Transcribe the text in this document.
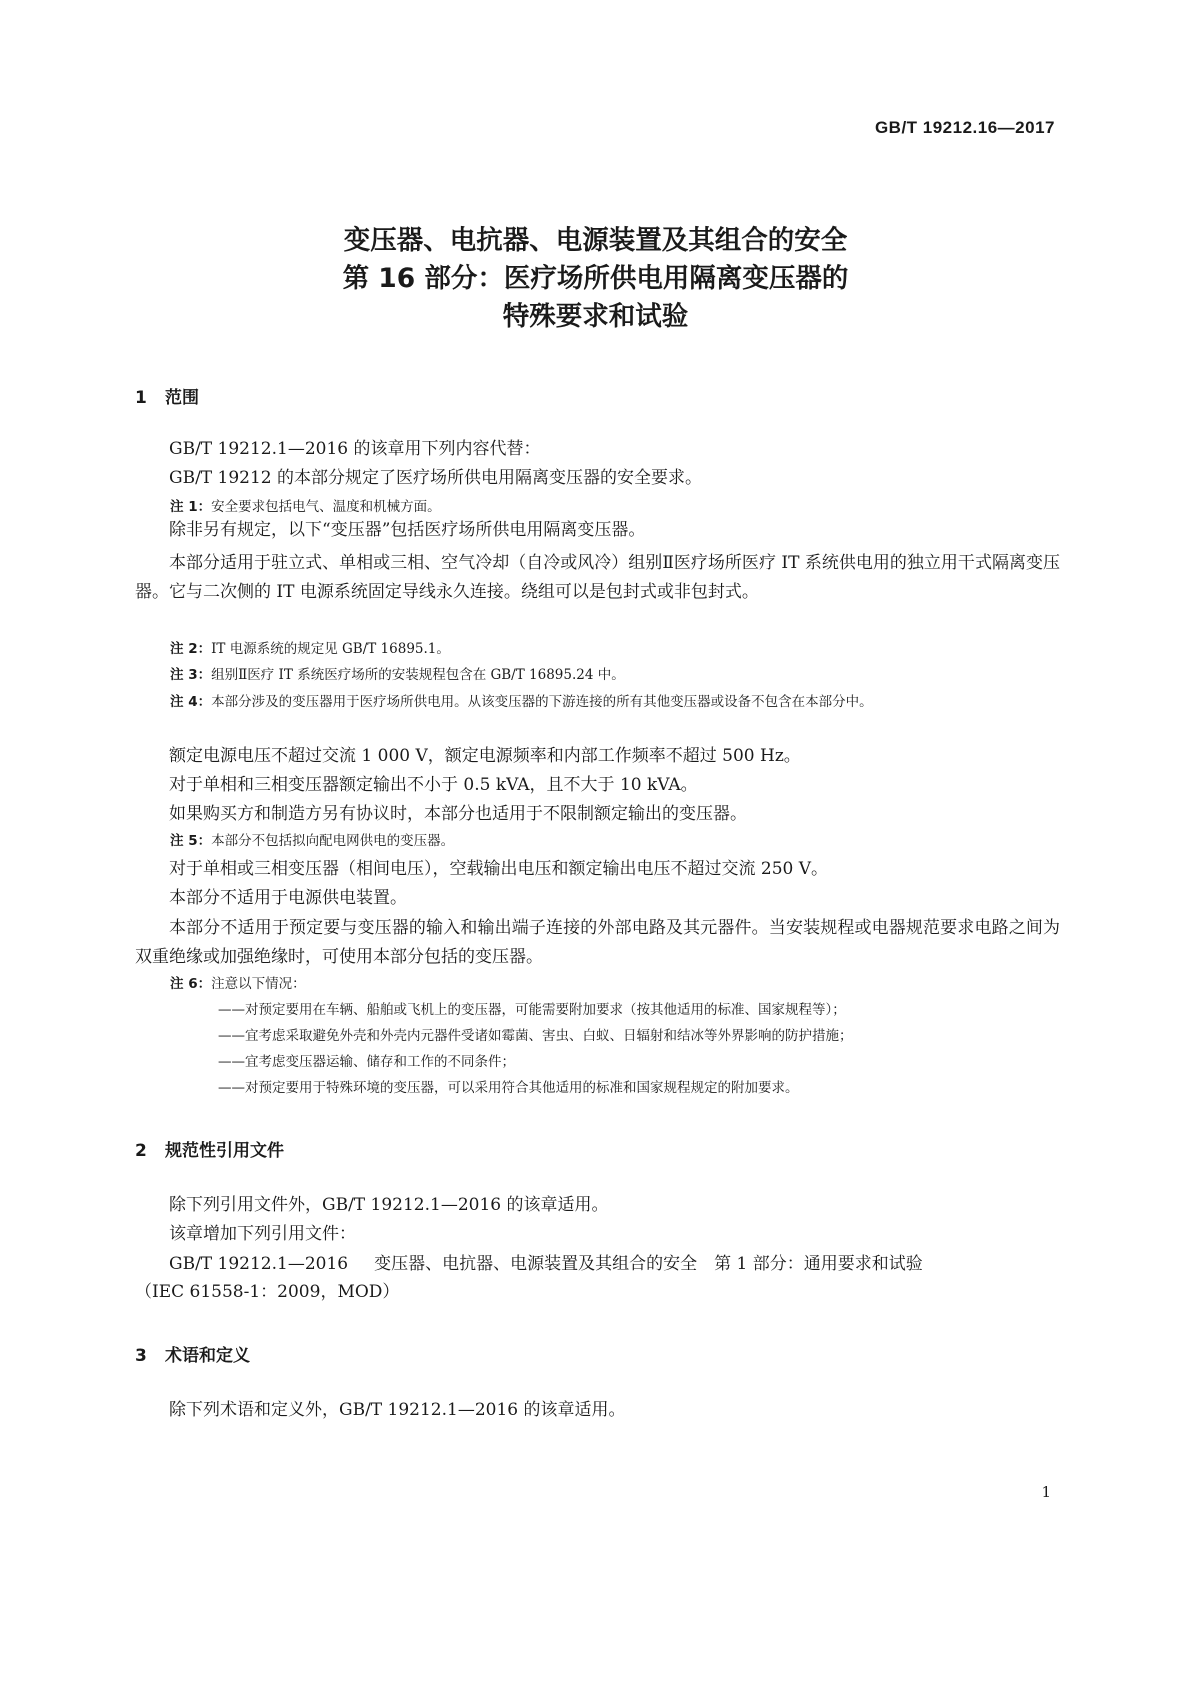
GB/T 19212.16—2017
变压器、电抗器、电源装置及其组合的安全
第 16 部分：医疗场所供电用隔离变压器的
特殊要求和试验
1 范围
GB/T 19212.1—2016 的该章用下列内容代替：
GB/T 19212 的本部分规定了医疗场所供电用隔离变压器的安全要求。
注 1：安全要求包括电气、温度和机械方面。
除非另有规定，以下“变压器”包括医疗场所供电用隔离变压器。
本部分适用于驻立式、单相或三相、空气冷却（自冷或风冷）组别Ⅱ医疗场所医疗 IT 系统供电用的独立用干式隔离变压器。它与二次侧的 IT 电源系统固定导线永久连接。绕组可以是包封式或非包封式。
注 2：IT 电源系统的规定见 GB/T 16895.1。
注 3：组别Ⅱ医疗 IT 系统医疗场所的安装规程包含在 GB/T 16895.24 中。
注 4：本部分涉及的变压器用于医疗场所供电用。从该变压器的下游连接的所有其他变压器或设备不包含在本部分中。
额定电源电压不超过交流 1 000 V，额定电源频率和内部工作频率不超过 500 Hz。
对于单相和三相变压器额定输出不小于 0.5 kVA，且不大于 10 kVA。
如果购买方和制造方另有协议时，本部分也适用于不限制额定输出的变压器。
注 5：本部分不包括拟向配电网供电的变压器。
对于单相或三相变压器（相间电压），空载输出电压和额定输出电压不超过交流 250 V。
本部分不适用于电源供电装置。
本部分不适用于预定要与变压器的输入和输出端子连接的外部电路及其元器件。当安装规程或电器规范要求电路之间为双重绝缘或加强绝缘时，可使用本部分包括的变压器。
注 6：注意以下情况：
——对预定要用在车辆、船舶或飞机上的变压器，可能需要附加要求（按其他适用的标准、国家规程等）；
——宜考虑采取避免外壳和外壳内元器件受诸如霉菌、害虫、白蚁、日辐射和结冰等外界影响的防护措施；
——宜考虑变压器运输、储存和工作的不同条件；
——对预定要用于特殊环境的变压器，可以采用符合其他适用的标准和国家规程规定的附加要求。
2 规范性引用文件
除下列引用文件外，GB/T 19212.1—2016 的该章适用。
该章增加下列引用文件：
GB/T 19212.1—2016 变压器、电抗器、电源装置及其组合的安全　第 1 部分：通用要求和试验
（IEC 61558-1：2009，MOD）
3 术语和定义
除下列术语和定义外，GB/T 19212.1—2016 的该章适用。
1
